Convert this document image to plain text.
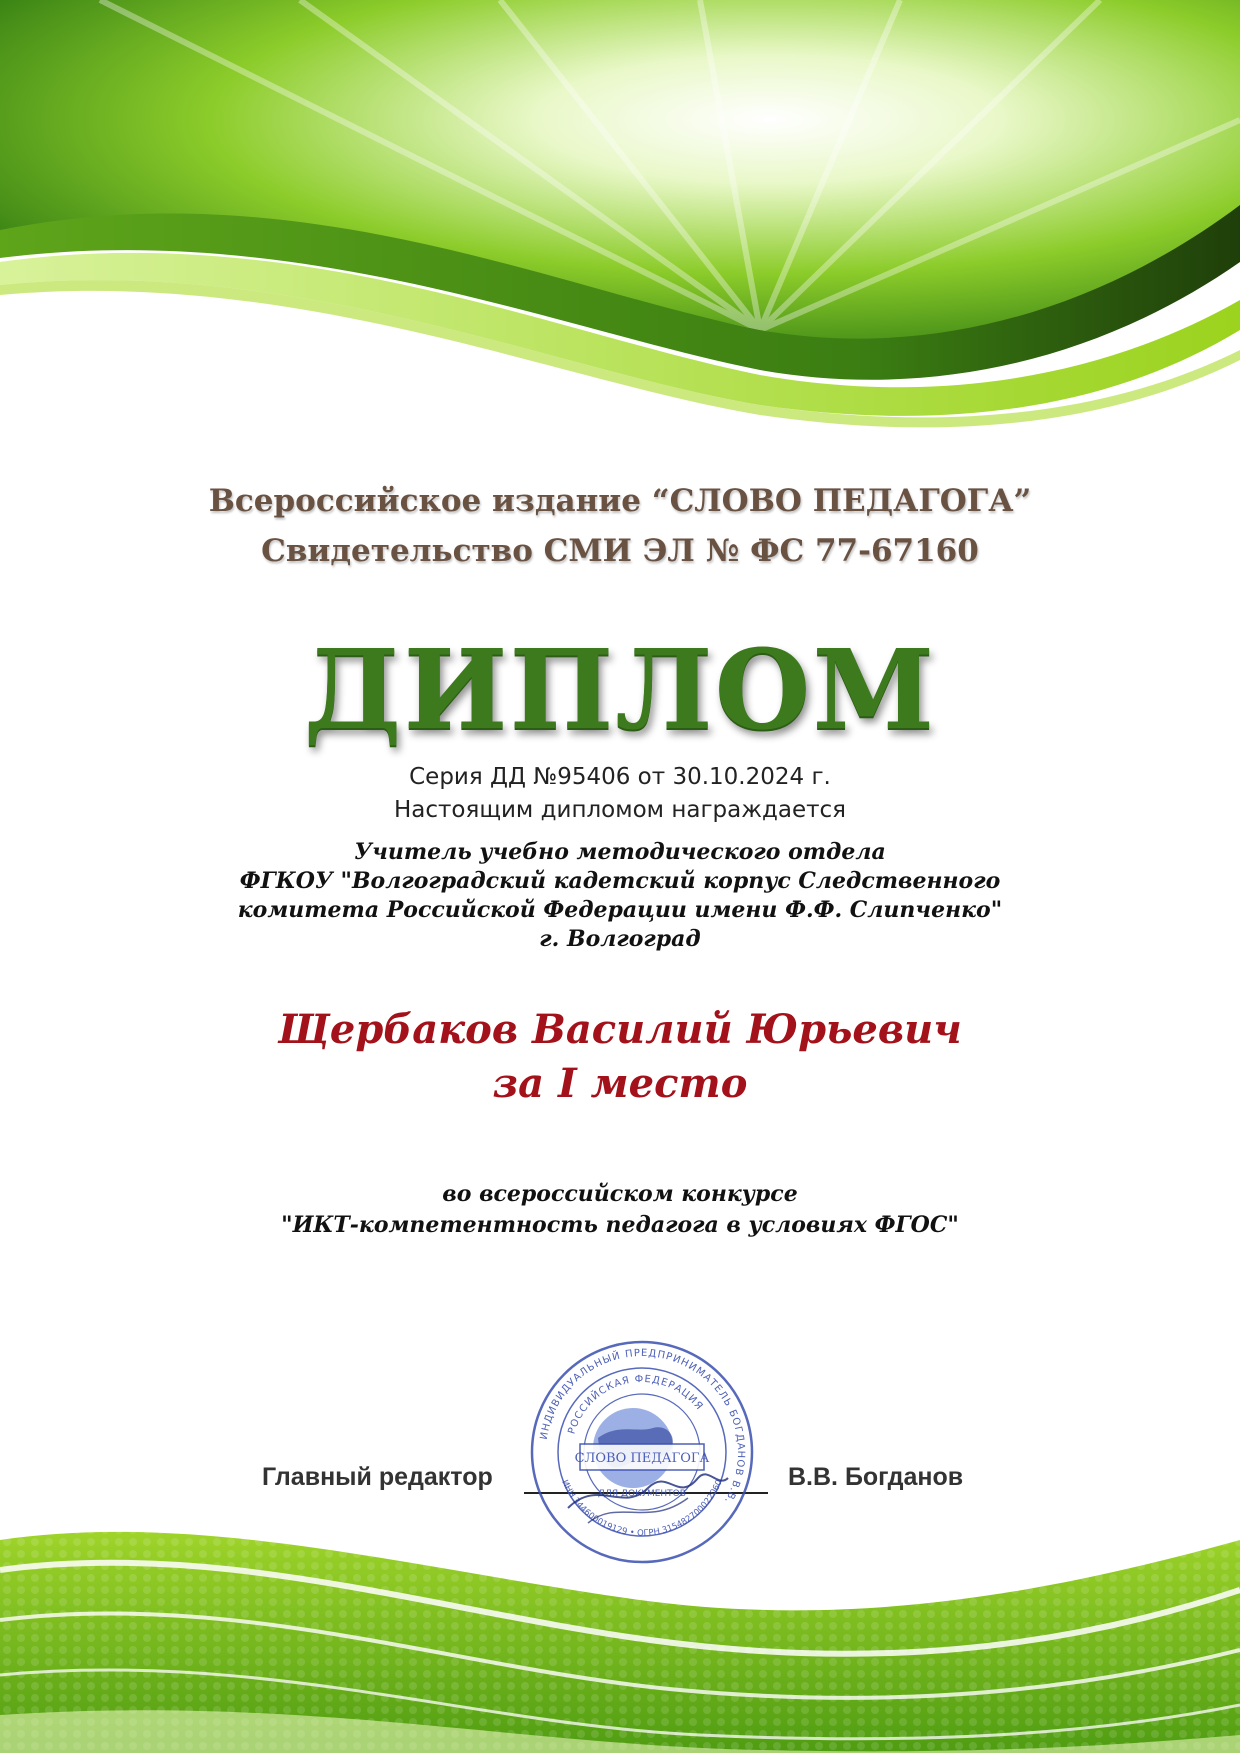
Всероссийское издание “СЛОВО ПЕДАГОГА”
Свидетельство СМИ ЭЛ № ФС 77-67160
ДИПЛОМ
Серия ДД №95406 от 30.10.2024 г.
Настоящим дипломом награждается
Учитель учебно методического отдела
ФГКОУ "Волгоградский кадетский корпус Следственного
комитета Российской Федерации имени Ф.Ф. Слипченко"
г. Волгоград
Щербаков Василий Юрьевич
за I место
во всероссийском конкурсе
"ИКТ-компетентность педагога в условиях ФГОС"
Главный редактор	В.В. Богданов
ИНДИВИДУАЛЬНЫЙ ПРЕДПРИНИМАТЕЛЬ БОГДАНОВ В.В.
РОССИЙСКАЯ ФЕДЕРАЦИЯ
СЛОВО ПЕДАГОГА
ДЛЯ ДОКУМЕНТОВ
ИНН 344600019129 • ОГРН 315482700022060
